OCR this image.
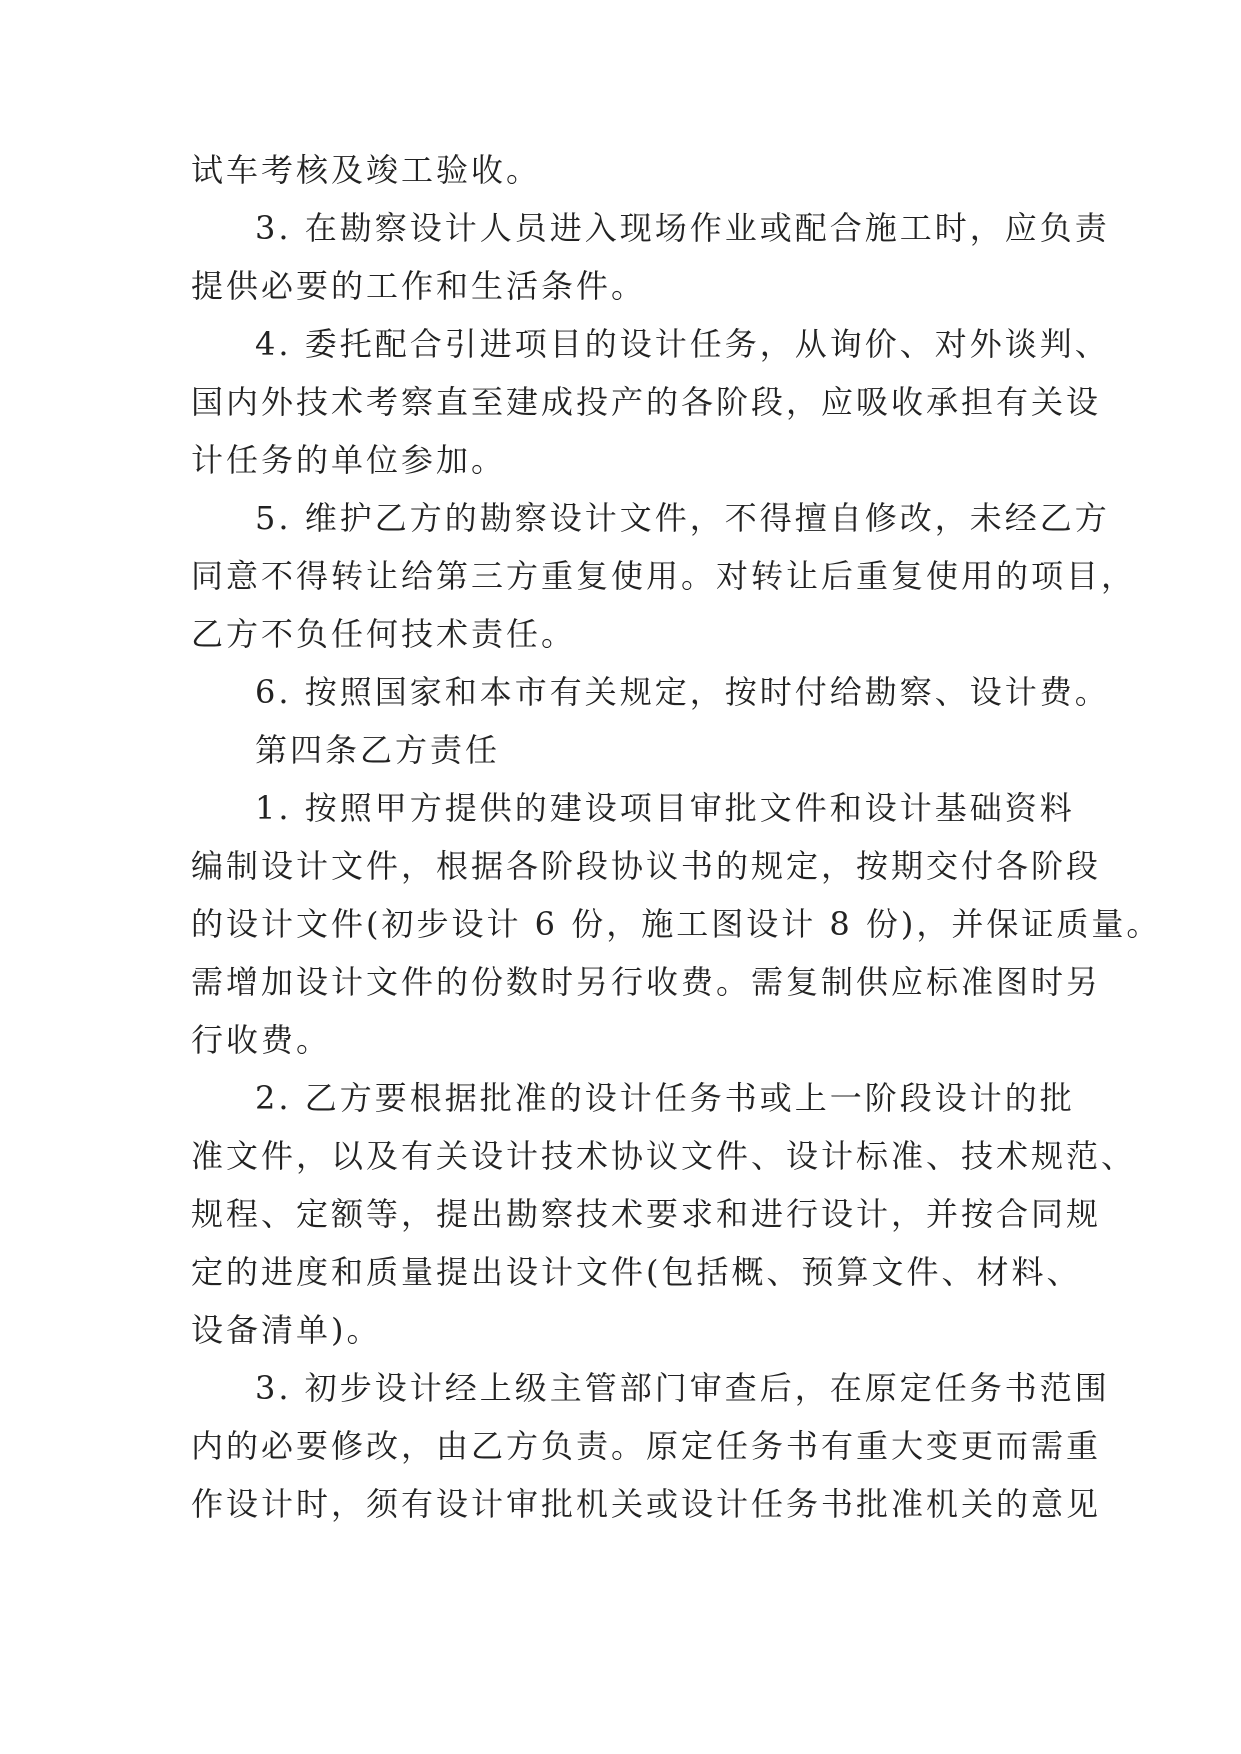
试车考核及竣工验收。
3. 在勘察设计人员进入现场作业或配合施工时，应负责
提供必要的工作和生活条件。
4. 委托配合引进项目的设计任务，从询价、对外谈判、
国内外技术考察直至建成投产的各阶段，应吸收承担有关设
计任务的单位参加。
5. 维护乙方的勘察设计文件，不得擅自修改，未经乙方
同意不得转让给第三方重复使用。对转让后重复使用的项目，
乙方不负任何技术责任。
6. 按照国家和本市有关规定，按时付给勘察、设计费。
第四条乙方责任
1. 按照甲方提供的建设项目审批文件和设计基础资料
编制设计文件，根据各阶段协议书的规定，按期交付各阶段
的设计文件(初步设计 6 份，施工图设计 8 份)，并保证质量。
需增加设计文件的份数时另行收费。需复制供应标准图时另
行收费。
2. 乙方要根据批准的设计任务书或上一阶段设计的批
准文件，以及有关设计技术协议文件、设计标准、技术规范、
规程、定额等，提出勘察技术要求和进行设计，并按合同规
定的进度和质量提出设计文件(包括概、预算文件、材料、
设备清单)。
3. 初步设计经上级主管部门审查后，在原定任务书范围
内的必要修改，由乙方负责。原定任务书有重大变更而需重
作设计时，须有设计审批机关或设计任务书批准机关的意见
